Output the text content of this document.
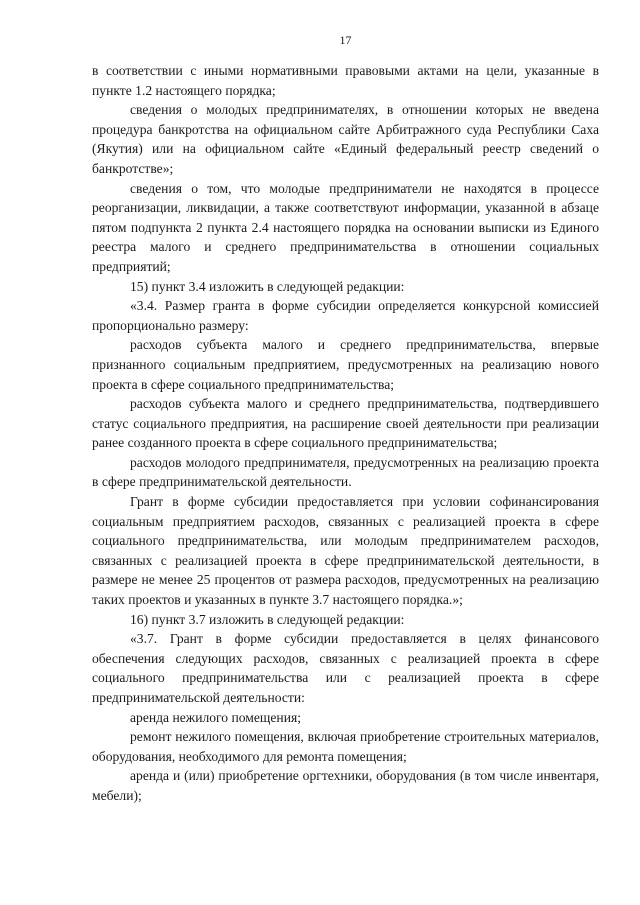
17

в соответствии с иными нормативными правовыми актами на цели, указанные в пункте 1.2 настоящего порядка;

сведения о молодых предпринимателях, в отношении которых не введена процедура банкротства на официальном сайте Арбитражного суда Республики Саха (Якутия) или на официальном сайте «Единый федеральный реестр сведений о банкротстве»;

сведения о том, что молодые предприниматели не находятся в процессе реорганизации, ликвидации, а также соответствуют информации, указанной в абзаце пятом подпункта 2 пункта 2.4 настоящего порядка на основании выписки из Единого реестра малого и среднего предпринимательства в отношении социальных предприятий;

15) пункт 3.4 изложить в следующей редакции:

«3.4. Размер гранта в форме субсидии определяется конкурсной комиссией пропорционально размеру:

расходов субъекта малого и среднего предпринимательства, впервые признанного социальным предприятием, предусмотренных на реализацию нового проекта в сфере социального предпринимательства;

расходов субъекта малого и среднего предпринимательства, подтвердившего статус социального предприятия, на расширение своей деятельности при реализации ранее созданного проекта в сфере социального предпринимательства;

расходов молодого предпринимателя, предусмотренных на реализацию проекта в сфере предпринимательской деятельности.

Грант в форме субсидии предоставляется при условии софинансирования социальным предприятием расходов, связанных с реализацией проекта в сфере социального предпринимательства, или молодым предпринимателем расходов, связанных с реализацией проекта в сфере предпринимательской деятельности, в размере не менее 25 процентов от размера расходов, предусмотренных на реализацию таких проектов и указанных в пункте 3.7 настоящего порядка.»;

16) пункт 3.7 изложить в следующей редакции:

«3.7. Грант в форме субсидии предоставляется в целях финансового обеспечения следующих расходов, связанных с реализацией проекта в сфере социального предпринимательства или с реализацией проекта в сфере предпринимательской деятельности:

аренда нежилого помещения;

ремонт нежилого помещения, включая приобретение строительных материалов, оборудования, необходимого для ремонта помещения;

аренда и (или) приобретение оргтехники, оборудования (в том числе инвентаря, мебели);
